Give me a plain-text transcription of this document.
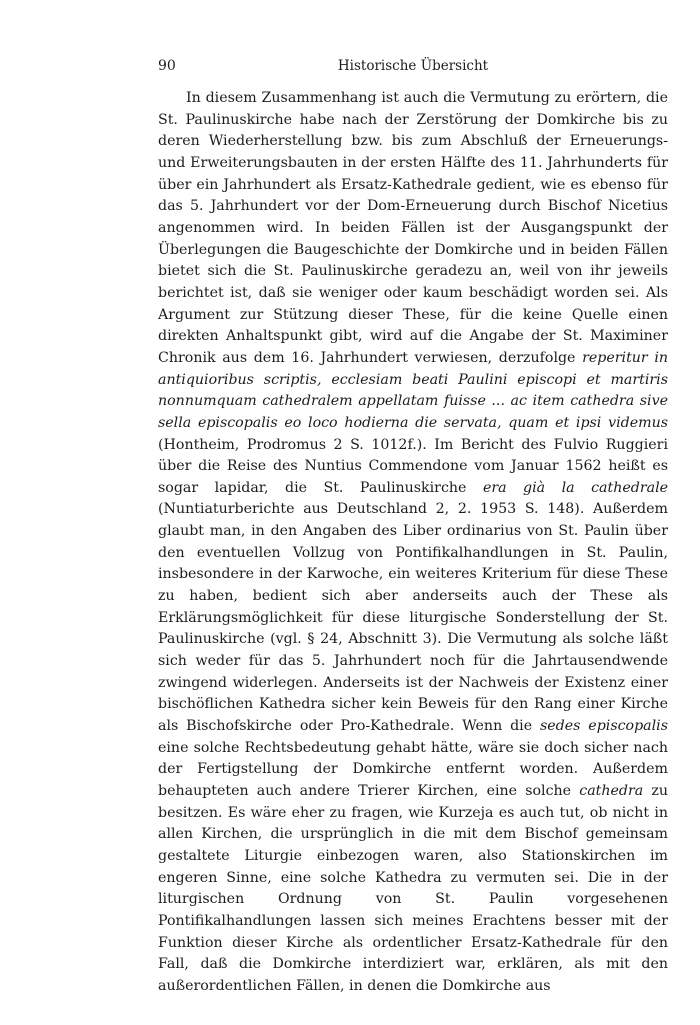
90	Historische Übersicht

In diesem Zusammenhang ist auch die Vermutung zu erörtern, die St. Paulinuskirche habe nach der Zerstörung der Domkirche bis zu deren Wiederherstellung bzw. bis zum Abschluß der Erneuerungs- und Erweiterungsbauten in der ersten Hälfte des 11. Jahrhunderts für über ein Jahrhundert als Ersatz-Kathedrale gedient, wie es ebenso für das 5. Jahrhundert vor der Dom-Erneuerung durch Bischof Nicetius angenommen wird. In beiden Fällen ist der Ausgangspunkt der Überlegungen die Baugeschichte der Domkirche und in beiden Fällen bietet sich die St. Paulinuskirche geradezu an, weil von ihr jeweils berichtet ist, daß sie weniger oder kaum beschädigt worden sei. Als Argument zur Stützung dieser These, für die keine Quelle einen direkten Anhaltspunkt gibt, wird auf die Angabe der St. Maximiner Chronik aus dem 16. Jahrhundert verwiesen, derzufolge reperitur in antiquioribus scriptis, ecclesiam beati Paulini episcopi et martiris nonnumquam cathedralem appellatam fuisse ... ac item cathedra sive sella episcopalis eo loco hodierna die servata, quam et ipsi videmus (Hontheim, Prodromus 2 S. 1012f.). Im Bericht des Fulvio Ruggieri über die Reise des Nuntius Commendone vom Januar 1562 heißt es sogar lapidar, die St. Paulinuskirche era già la cathedrale (Nuntiaturberichte aus Deutschland 2, 2. 1953 S. 148). Außerdem glaubt man, in den Angaben des Liber ordinarius von St. Paulin über den eventuellen Vollzug von Pontifikalhandlungen in St. Paulin, insbesondere in der Karwoche, ein weiteres Kriterium für diese These zu haben, bedient sich aber anderseits auch der These als Erklärungsmöglichkeit für diese liturgische Sonderstellung der St. Paulinuskirche (vgl. § 24, Abschnitt 3). Die Vermutung als solche läßt sich weder für das 5. Jahrhundert noch für die Jahrtausendwende zwingend widerlegen. Anderseits ist der Nachweis der Existenz einer bischöflichen Kathedra sicher kein Beweis für den Rang einer Kirche als Bischofskirche oder Pro-Kathedrale. Wenn die sedes episcopalis eine solche Rechtsbedeutung gehabt hätte, wäre sie doch sicher nach der Fertigstellung der Domkirche entfernt worden. Außerdem behaupteten auch andere Trierer Kirchen, eine solche cathedra zu besitzen. Es wäre eher zu fragen, wie Kurzeja es auch tut, ob nicht in allen Kirchen, die ursprünglich in die mit dem Bischof gemeinsam gestaltete Liturgie einbezogen waren, also Stationskirchen im engeren Sinne, eine solche Kathedra zu vermuten sei. Die in der liturgischen Ordnung von St. Paulin vorgesehenen Pontifikalhandlungen lassen sich meines Erachtens besser mit der Funktion dieser Kirche als ordentlicher Ersatz-Kathedrale für den Fall, daß die Domkirche interdiziert war, erklären, als mit den außerordentlichen Fällen, in denen die Domkirche aus
